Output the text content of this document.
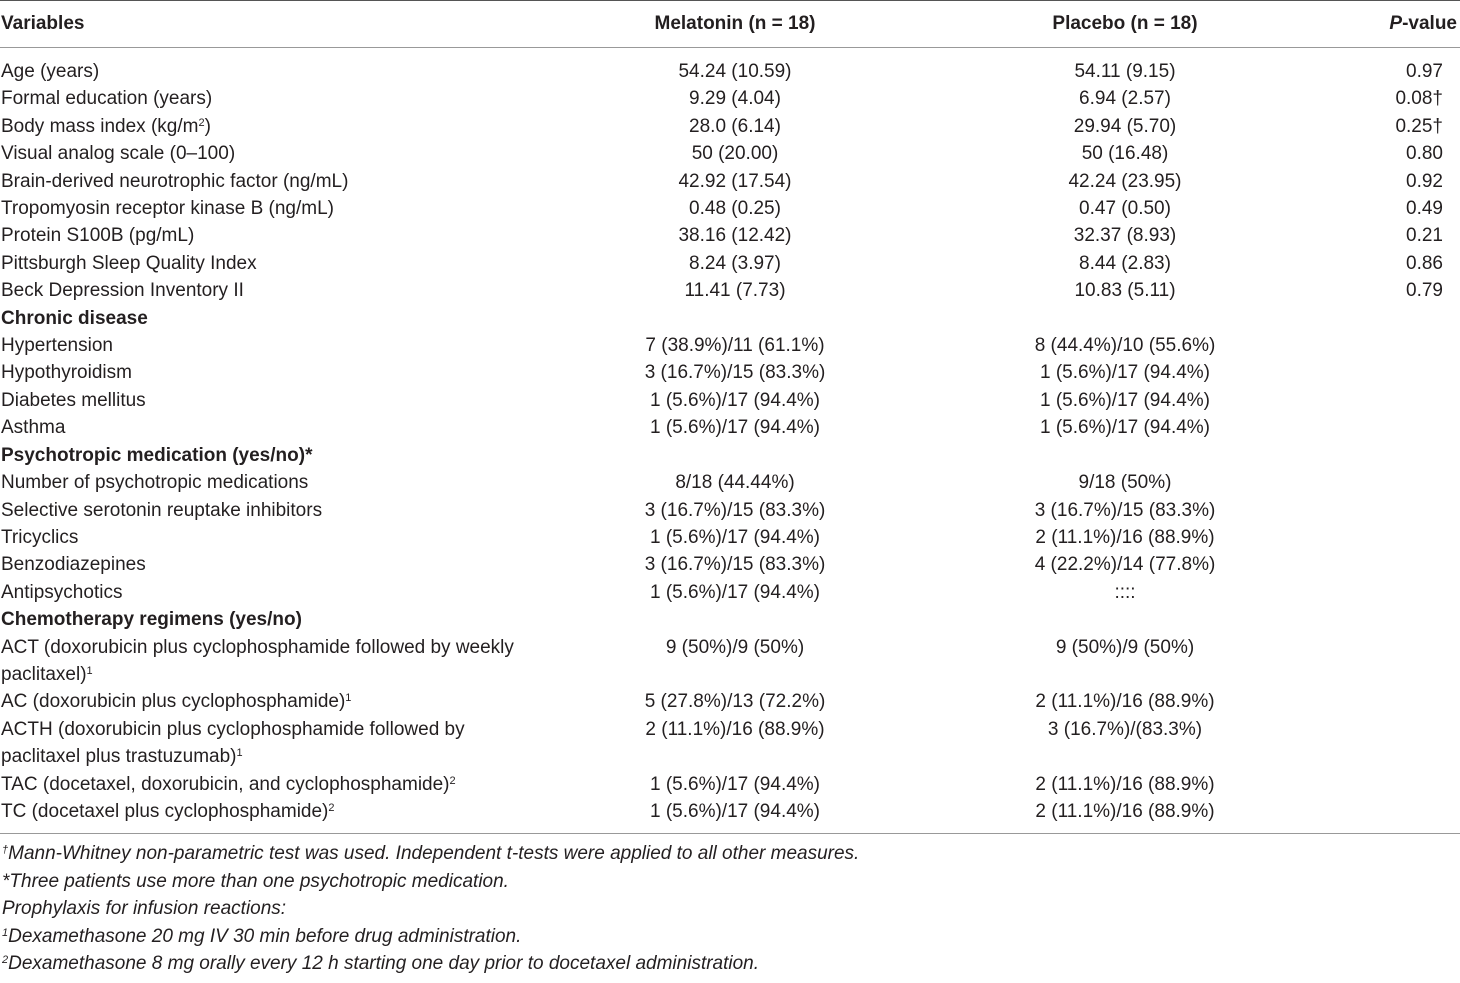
Variables	Melatonin (n = 18)	Placebo (n = 18)	P-value

Age (years)	54.24 (10.59)	54.11 (9.15)	0.97
Formal education (years)	9.29 (4.04)	6.94 (2.57)	0.08†
Body mass index $(kg/m^2)$	28.0 (6.14)	29.94 (5.70)	0.25†
Visual analog scale (0–100)	50 (20.00)	50 (16.48)	0.80
Brain-derived neurotrophic factor (ng/mL)	42.92 (17.54)	42.24 (23.95)	0.92
Tropomyosin receptor kinase B (ng/mL)	0.48 (0.25)	0.47 (0.50)	0.49
Protein S100B (pg/mL)	38.16 (12.42)	32.37 (8.93)	0.21
Pittsburgh Sleep Quality Index	8.24 (3.97)	8.44 (2.83)	0.86
Beck Depression Inventory II	11.41 (7.73)	10.83 (5.11)	0.79
Chronic disease			
Hypertension	7 (38.9%)/11 (61.1%)	8 (44.4%)/10 (55.6%)	
Hypothyroidism	3 (16.7%)/15 (83.3%)	1 (5.6%)/17 (94.4%)	
Diabetes mellitus	1 (5.6%)/17 (94.4%)	1 (5.6%)/17 (94.4%)	
Asthma	1 (5.6%)/17 (94.4%)	1 (5.6%)/17 (94.4%)	
Psychotropic medication (yes/no)*			
Number of psychotropic medications	8/18 (44.44%)	9/18 (50%)	
Selective serotonin reuptake inhibitors	3 (16.7%)/15 (83.3%)	3 (16.7%)/15 (83.3%)	
Tricyclics	1 (5.6%)/17 (94.4%)	2 (11.1%)/16 (88.9%)	
Benzodiazepines	3 (16.7%)/15 (83.3%)	4 (22.2%)/14 (77.8%)	
Antipsychotics	1 (5.6%)/17 (94.4%)	::::	
Chemotherapy regimens (yes/no)			
ACT (doxorubicin plus cyclophosphamide followed by weekly
paclitaxel)$^1$	9 (50%)/9 (50%)	9 (50%)/9 (50%)	
AC (doxorubicin plus cyclophosphamide)$^1$	5 (27.8%)/13 (72.2%)	2 (11.1%)/16 (88.9%)	
ACTH (doxorubicin plus cyclophosphamide followed by
paclitaxel plus trastuzumab)$^1$	2 (11.1%)/16 (88.9%)	3 (16.7%)/(83.3%)	
TAC (docetaxel, doxorubicin, and cyclophosphamide)$^2$	1 (5.6%)/17 (94.4%)	2 (11.1%)/16 (88.9%)	
TC (docetaxel plus cyclophosphamide)$^2$	1 (5.6%)/17 (94.4%)	2 (11.1%)/16 (88.9%)	

†Mann-Whitney non-parametric test was used. Independent t-tests were applied to all other measures.
*Three patients use more than one psychotropic medication.
Prophylaxis for infusion reactions:
$^1$Dexamethasone 20 mg IV 30 min before drug administration.
$^2$Dexamethasone 8 mg orally every 12 h starting one day prior to docetaxel administration.
